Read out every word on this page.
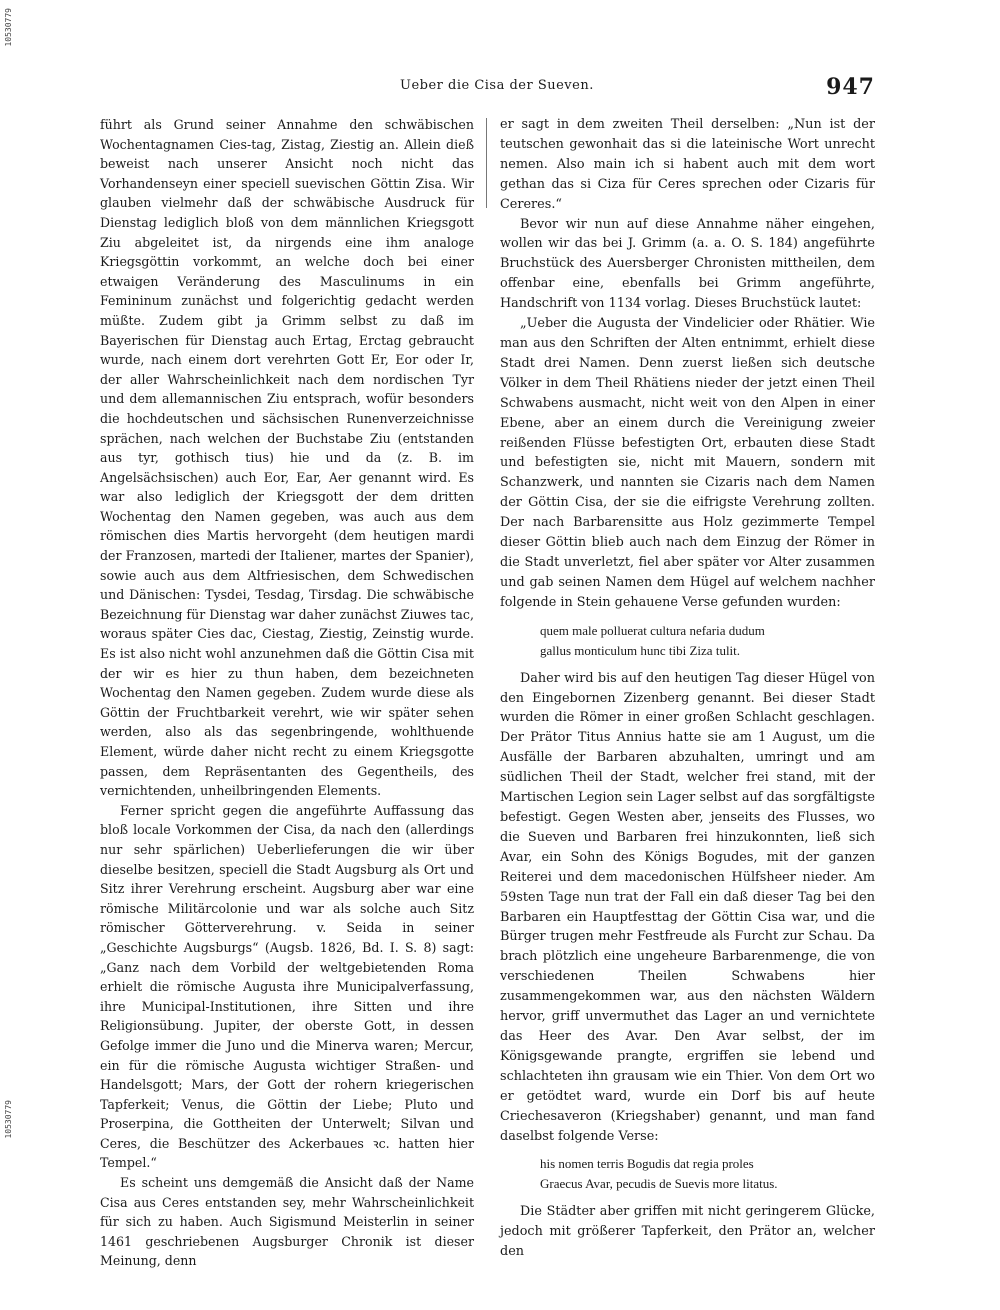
10530779
10530779
Ueber die Cisa der Sueven.	947

führt als Grund seiner Annahme den schwäbischen Wochentagnamen Cies-tag, Zistag, Ziestig an. Allein dieß beweist nach unserer Ansicht noch nicht das Vorhandenseyn einer speciell suevischen Göttin Zisa. Wir glauben vielmehr daß der schwäbische Ausdruck für Dienstag lediglich bloß von dem männlichen Kriegsgott Ziu abgeleitet ist, da nirgends eine ihm analoge Kriegsgöttin vorkommt, an welche doch bei einer etwaigen Veränderung des Masculinums in ein Femininum zunächst und folgerichtig gedacht werden müßte. Zudem gibt ja Grimm selbst zu daß im Bayerischen für Dienstag auch Ertag, Erctag gebraucht wurde, nach einem dort verehrten Gott Er, Eor oder Ir, der aller Wahrscheinlichkeit nach dem nordischen Tyr und dem allemannischen Ziu entsprach, wofür besonders die hochdeutschen und sächsischen Runenverzeichnisse sprächen, nach welchen der Buchstabe Ziu (entstanden aus tyr, gothisch tius) hie und da (z. B. im Angelsächsischen) auch Eor, Ear, Aer genannt wird. Es war also lediglich der Kriegsgott der dem dritten Wochentag den Namen gegeben, was auch aus dem römischen dies Martis hervorgeht (dem heutigen mardi der Franzosen, martedi der Italiener, martes der Spanier), sowie auch aus dem Altfriesischen, dem Schwedischen und Dänischen: Tysdei, Tesdag, Tirsdag. Die schwäbische Bezeichnung für Dienstag war daher zunächst Ziuwes tac, woraus später Cies dac, Ciestag, Ziestig, Zeinstig wurde. Es ist also nicht wohl anzunehmen daß die Göttin Cisa mit der wir es hier zu thun haben, dem bezeichneten Wochentag den Namen gegeben. Zudem wurde diese als Göttin der Fruchtbarkeit verehrt, wie wir später sehen werden, also als das segenbringende, wohlthuende Element, würde daher nicht recht zu einem Kriegsgotte passen, dem Repräsentanten des Gegentheils, des vernichtenden, unheilbringenden Elements.

Ferner spricht gegen die angeführte Auffassung das bloß locale Vorkommen der Cisa, da nach den (allerdings nur sehr spärlichen) Ueberlieferungen die wir über dieselbe besitzen, speciell die Stadt Augsburg als Ort und Sitz ihrer Verehrung erscheint. Augsburg aber war eine römische Militärcolonie und war als solche auch Sitz römischer Götterverehrung. v. Seida in seiner „Geschichte Augsburgs“ (Augsb. 1826, Bd. I. S. 8) sagt: „Ganz nach dem Vorbild der weltgebietenden Roma erhielt die römische Augusta ihre Municipalverfassung, ihre Municipal-Institutionen, ihre Sitten und ihre Religionsübung. Jupiter, der oberste Gott, in dessen Gefolge immer die Juno und die Minerva waren; Mercur, ein für die römische Augusta wichtiger Straßen- und Handelsgott; Mars, der Gott der rohern kriegerischen Tapferkeit; Venus, die Göttin der Liebe; Pluto und Proserpina, die Gottheiten der Unterwelt; Silvan und Ceres, die Beschützer des Ackerbaues ꝛc. hatten hier Tempel.“

Es scheint uns demgemäß die Ansicht daß der Name Cisa aus Ceres entstanden sey, mehr Wahrscheinlichkeit für sich zu haben. Auch Sigismund Meisterlin in seiner 1461 geschriebenen Augsburger Chronik ist dieser Meinung, denn

er sagt in dem zweiten Theil derselben: „Nun ist der teutschen gewonhait das si die lateinische Wort unrecht nemen. Also main ich si habent auch mit dem wort gethan das si Ciza für Ceres sprechen oder Cizaris für Cereres.“

Bevor wir nun auf diese Annahme näher eingehen, wollen wir das bei J. Grimm (a. a. O. S. 184) angeführte Bruchstück des Auersberger Chronisten mittheilen, dem offenbar eine, ebenfalls bei Grimm angeführte, Handschrift von 1134 vorlag. Dieses Bruchstück lautet:

„Ueber die Augusta der Vindelicier oder Rhätier. Wie man aus den Schriften der Alten entnimmt, erhielt diese Stadt drei Namen. Denn zuerst ließen sich deutsche Völker in dem Theil Rhätiens nieder der jetzt einen Theil Schwabens ausmacht, nicht weit von den Alpen in einer Ebene, aber an einem durch die Vereinigung zweier reißenden Flüsse befestigten Ort, erbauten diese Stadt und befestigten sie, nicht mit Mauern, sondern mit Schanzwerk, und nannten sie Cizaris nach dem Namen der Göttin Cisa, der sie die eifrigste Verehrung zollten. Der nach Barbarensitte aus Holz gezimmerte Tempel dieser Göttin blieb auch nach dem Einzug der Römer in die Stadt unverletzt, fiel aber später vor Alter zusammen und gab seinen Namen dem Hügel auf welchem nachher folgende in Stein gehauene Verse gefunden wurden:

quem male polluerat cultura nefaria dudum
gallus monticulum hunc tibi Ziza tulit.

Daher wird bis auf den heutigen Tag dieser Hügel von den Eingebornen Zizenberg genannt. Bei dieser Stadt wurden die Römer in einer großen Schlacht geschlagen. Der Prätor Titus Annius hatte sie am 1 August, um die Ausfälle der Barbaren abzuhalten, umringt und am südlichen Theil der Stadt, welcher frei stand, mit der Martischen Legion sein Lager selbst auf das sorgfältigste befestigt. Gegen Westen aber, jenseits des Flusses, wo die Sueven und Barbaren frei hinzukonnten, ließ sich Avar, ein Sohn des Königs Bogudes, mit der ganzen Reiterei und dem macedonischen Hülfsheer nieder. Am 59sten Tage nun trat der Fall ein daß dieser Tag bei den Barbaren ein Hauptfesttag der Göttin Cisa war, und die Bürger trugen mehr Festfreude als Furcht zur Schau. Da brach plötzlich eine ungeheure Barbarenmenge, die von verschiedenen Theilen Schwabens hier zusammengekommen war, aus den nächsten Wäldern hervor, griff unvermuthet das Lager an und vernichtete das Heer des Avar. Den Avar selbst, der im Königsgewande prangte, ergriffen sie lebend und schlachteten ihn grausam wie ein Thier. Von dem Ort wo er getödtet ward, wurde ein Dorf bis auf heute Criechesaveron (Kriegshaber) genannt, und man fand daselbst folgende Verse:

his nomen terris Bogudis dat regia proles
Graecus Avar, pecudis de Suevis more litatus.

Die Städter aber griffen mit nicht geringerem Glücke, jedoch mit größerer Tapferkeit, den Prätor an, welcher den
